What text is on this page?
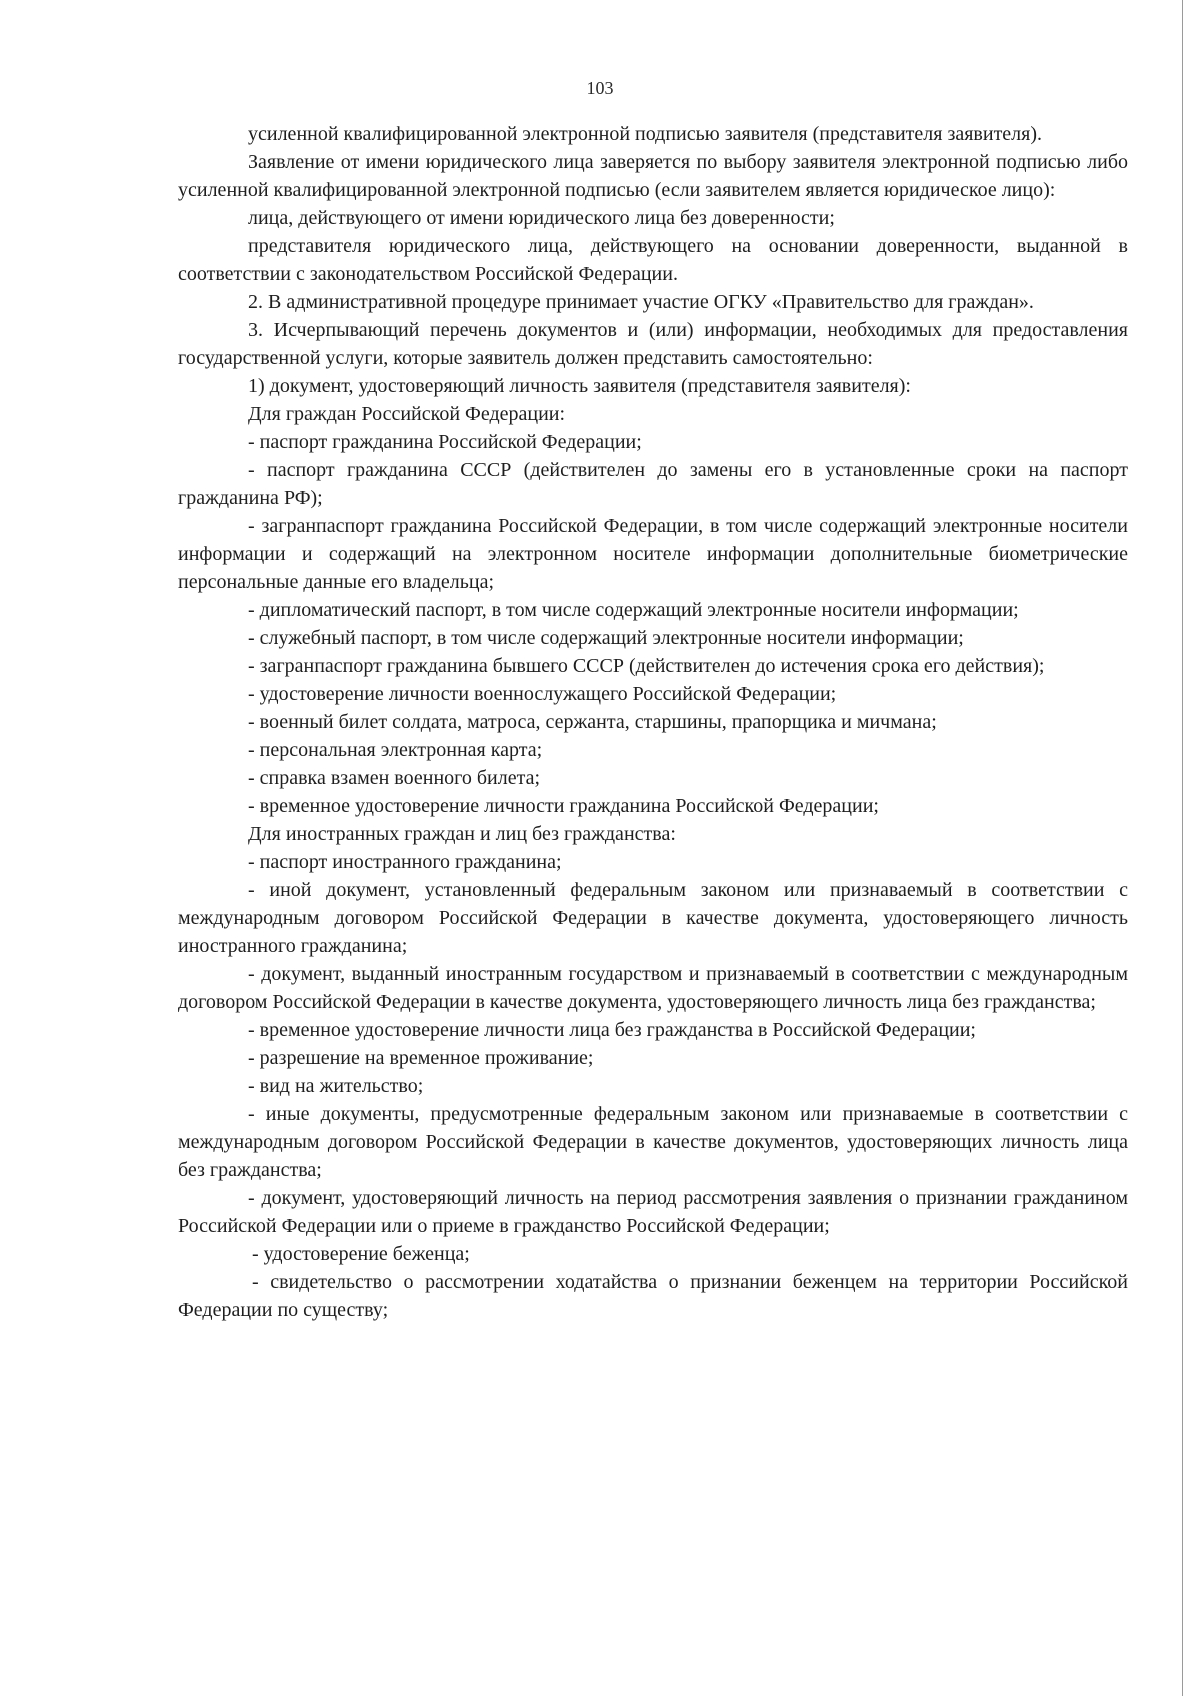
103

усиленной квалифицированной электронной подписью заявителя (представителя заявителя).

Заявление от имени юридического лица заверяется по выбору заявителя электронной подписью либо усиленной квалифицированной электронной подписью (если заявителем является юридическое лицо):

лица, действующего от имени юридического лица без доверенности;

представителя юридического лица, действующего на основании доверенности, выданной в соответствии с законодательством Российской Федерации.

2. В административной процедуре принимает участие ОГКУ «Правительство для граждан».

3. Исчерпывающий перечень документов и (или) информации, необходимых для предоставления государственной услуги, которые заявитель должен представить самостоятельно:

1) документ, удостоверяющий личность заявителя (представителя заявителя):

Для граждан Российской Федерации:

- паспорт гражданина Российской Федерации;

- паспорт гражданина СССР (действителен до замены его в установленные сроки на паспорт гражданина РФ);

- загранпаспорт гражданина Российской Федерации, в том числе содержащий электронные носители информации и содержащий на электронном носителе информации дополнительные биометрические персональные данные его владельца;

- дипломатический паспорт, в том числе содержащий электронные носители информации;

- служебный паспорт, в том числе содержащий электронные носители информации;

- загранпаспорт гражданина бывшего СССР (действителен до истечения срока его действия);

- удостоверение личности военнослужащего Российской Федерации;

- военный билет солдата, матроса, сержанта, старшины, прапорщика и мичмана;

- персональная электронная карта;

- справка взамен военного билета;

- временное удостоверение личности гражданина Российской Федерации;

Для иностранных граждан и лиц без гражданства:

- паспорт иностранного гражданина;

- иной документ, установленный федеральным законом или признаваемый в соответствии с международным договором Российской Федерации в качестве документа, удостоверяющего личность иностранного гражданина;

- документ, выданный иностранным государством и признаваемый в соответствии с международным договором Российской Федерации в качестве документа, удостоверяющего личность лица без гражданства;

- временное удостоверение личности лица без гражданства в Российской Федерации;

- разрешение на временное проживание;

- вид на жительство;

- иные документы, предусмотренные федеральным законом или признаваемые в соответствии с международным договором Российской Федерации в качестве документов, удостоверяющих личность лица без гражданства;

- документ, удостоверяющий личность на период рассмотрения заявления о признании гражданином Российской Федерации или о приеме в гражданство Российской Федерации;

- удостоверение беженца;

- свидетельство о рассмотрении ходатайства о признании беженцем на территории Российской Федерации по существу;
